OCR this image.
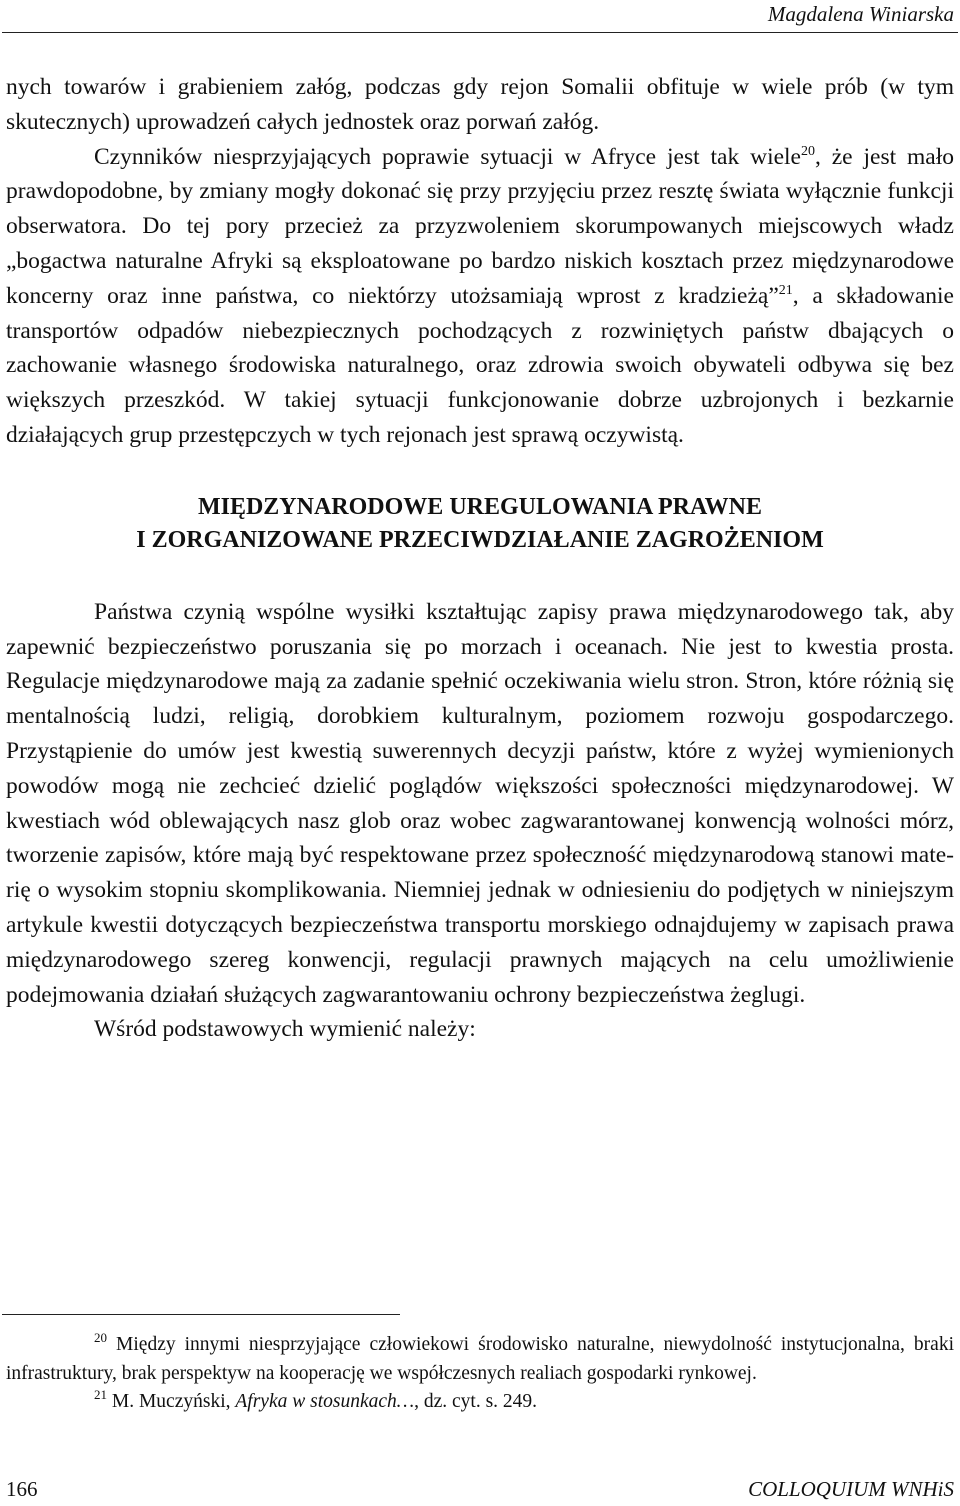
Magdalena Winiarska

nych towarów i grabieniem załóg, podczas gdy rejon Somalii obfituje w wiele prób (w tym skutecznych) uprowadzeń całych jednostek oraz porwań załóg.

Czynników niesprzyjających poprawie sytuacji w Afryce jest tak wiele$^{20}$, że jest mało prawdopodobne, by zmiany mogły dokonać się przy przyjęciu przez resztę świata wyłącznie funkcji obserwatora. Do tej pory przecież za przyzwoleniem skorumpowanych miejscowych władz „bogactwa naturalne Afryki są eksploatowane po bardzo niskich kosztach przez międzynarodowe koncerny oraz inne państwa, co niektórzy utożsamiają wprost z kradzieżą”$^{21}$, a składowanie transportów odpadów niebezpiecznych pochodzących z rozwiniętych państw dbających o zachowanie własnego środowiska naturalnego, oraz zdrowia swoich obywateli odbywa się bez większych przeszkód. W takiej sytuacji funkcjonowanie dobrze uzbrojonych i bezkarnie działających grup przestępczych w tych rejonach jest sprawą oczywistą.

MIĘDZYNARODOWE UREGULOWANIA PRAWNE
I ZORGANIZOWANE PRZECIWDZIAŁANIE ZAGROŻENIOM

Państwa czynią wspólne wysiłki kształtując zapisy prawa międzynarodowego tak, aby zapewnić bezpieczeństwo poruszania się po morzach i oceanach. Nie jest to kwestia prosta. Regulacje międzynarodowe mają za zadanie spełnić oczekiwania wielu stron. Stron, które różnią się mentalnością ludzi, religią, dorobkiem kulturalnym, poziomem rozwoju gospodarczego. Przystąpienie do umów jest kwestią suwerennych decyzji państw, które z wyżej wymienionych powodów mogą nie zechcieć dzielić poglądów większości społeczności międzynarodowej. W kwestiach wód oblewających nasz glob oraz wobec zagwarantowanej konwencją wolności mórz, tworzenie zapisów, które mają być respektowane przez społeczność międzynarodową stanowi materię o wysokim stopniu skomplikowania. Niemniej jednak w odniesieniu do podjętych w niniejszym artykule kwestii dotyczących bezpieczeństwa transportu morskiego odnajdujemy w zapisach prawa międzynarodowego szereg konwencji, regulacji prawnych mających na celu umożliwienie podejmowania działań służących zagwarantowaniu ochrony bezpieczeństwa żeglugi.

Wśród podstawowych wymienić należy:

$^{20}$ Między innymi niesprzyjające człowiekowi środowisko naturalne, niewydolność instytucjonalna, braki infrastruktury, brak perspektyw na kooperację we współczesnych realiach gospodarki rynkowej.

$^{21}$ M. Muczyński, Afryka w stosunkach…, dz. cyt. s. 249.

166	COLLOQUIUM WNHiS
